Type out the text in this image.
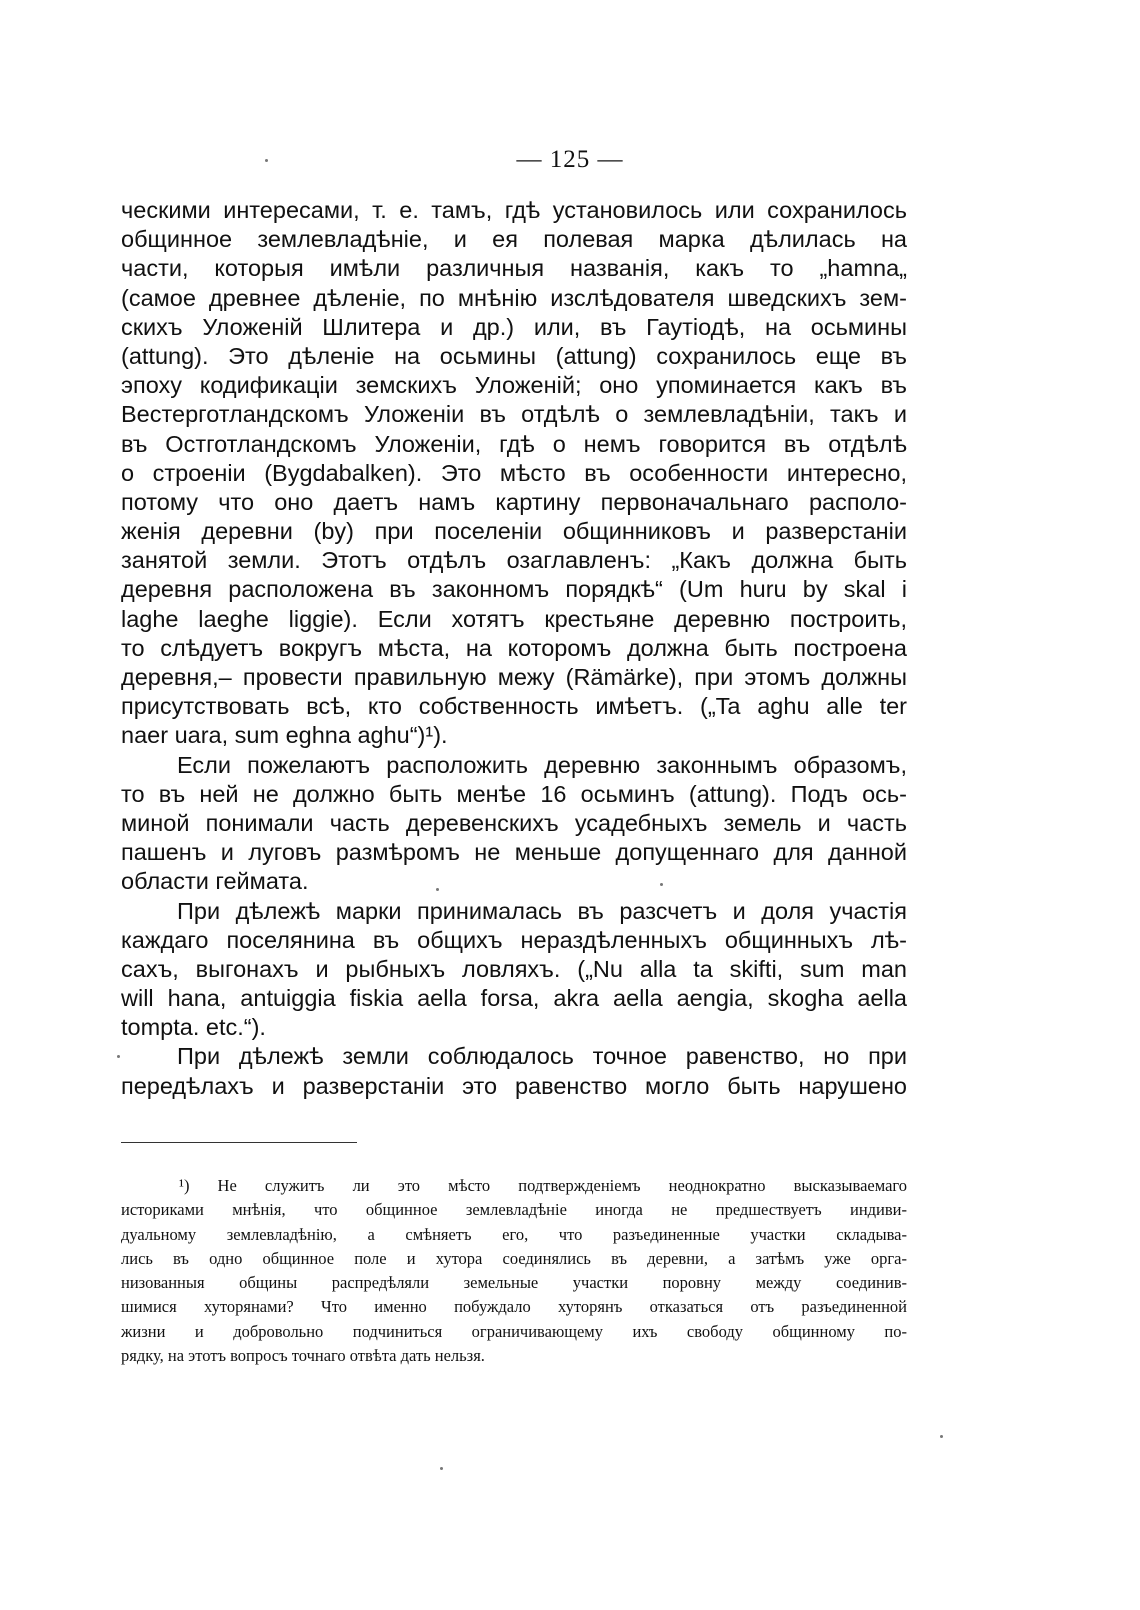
— 125 —
ческими интересами, т. е. тамъ, гдѣ установилось или сохранилось
общинное землевладѣніе, и ея полевая марка дѣлилась на
части, которыя имѣли различныя названія, какъ то „hamna„
(самое древнее дѣленіе, по мнѣнію изслѣдователя шведскихъ зем-
скихъ Уложеній Шлитера и др.) или, въ Гаутіодѣ, на осьмины
(attung). Это дѣленіе на осьмины (attung) сохранилось еще въ
эпоху кодификаціи земскихъ Уложеній; оно упоминается какъ въ
Вестерготландскомъ Уложеніи въ отдѣлѣ о землевладѣніи, такъ и
въ Остготландскомъ Уложеніи, гдѣ о немъ говорится въ отдѣлѣ
о строеніи (Bygdabalken). Это мѣсто въ особенности интересно,
потому что оно даетъ намъ картину первоначальнаго располо-
женія деревни (by) при поселеніи общинниковъ и разверстаніи
занятой земли. Этотъ отдѣлъ озаглавленъ: „Какъ должна быть
деревня расположена въ законномъ порядкѣ“ (Um huru by skal i
laghe laeghe liggie). Если хотятъ крестьяне деревню построить,
то слѣдуетъ вокругъ мѣста, на которомъ должна быть построена
деревня,– провести правильную межу (Rämärke), при этомъ должны
присутствовать всѣ, кто собственность имѣетъ. („Ta aghu alle ter
naer uara, sum eghna aghu“)¹).
Если пожелаютъ расположить деревню законнымъ образомъ,
то въ ней не должно быть менѣе 16 осьминъ (attung). Подъ ось-
миной понимали часть деревенскихъ усадебныхъ земель и часть
пашенъ и луговъ размѣромъ не меньше допущеннаго для данной
области геймата.
При дѣлежѣ марки принималась въ разсчетъ и доля участія
каждаго поселянина въ общихъ нераздѣленныхъ общинныхъ лѣ-
сахъ, выгонахъ и рыбныхъ ловляхъ. („Nu alla ta skifti, sum man
will hana, antuiggia fiskia aella forsa, akra aella aengia, skogha aella
tompta. etc.“).
При дѣлежѣ земли соблюдалось точное равенство, но при
передѣлахъ и разверстаніи это равенство могло быть нарушено
¹) Не служитъ ли это мѣсто подтвержденіемъ неоднократно высказываемаго
историками мнѣнія, что общинное землевладѣніе иногда не предшествуетъ индиви-
дуальному землевладѣнію, а смѣняетъ его, что разъединенные участки складыва-
лись въ одно общинное поле и хутора соединялись въ деревни, а затѣмъ уже орга-
низованныя общины распредѣляли земельные участки поровну между соединив-
шимися хуторянами? Что именно побуждало хуторянъ отказаться отъ разъединенной
жизни и добровольно подчиниться ограничивающему ихъ свободу общинному по-
рядку, на этотъ вопросъ точнаго отвѣта дать нельзя.
